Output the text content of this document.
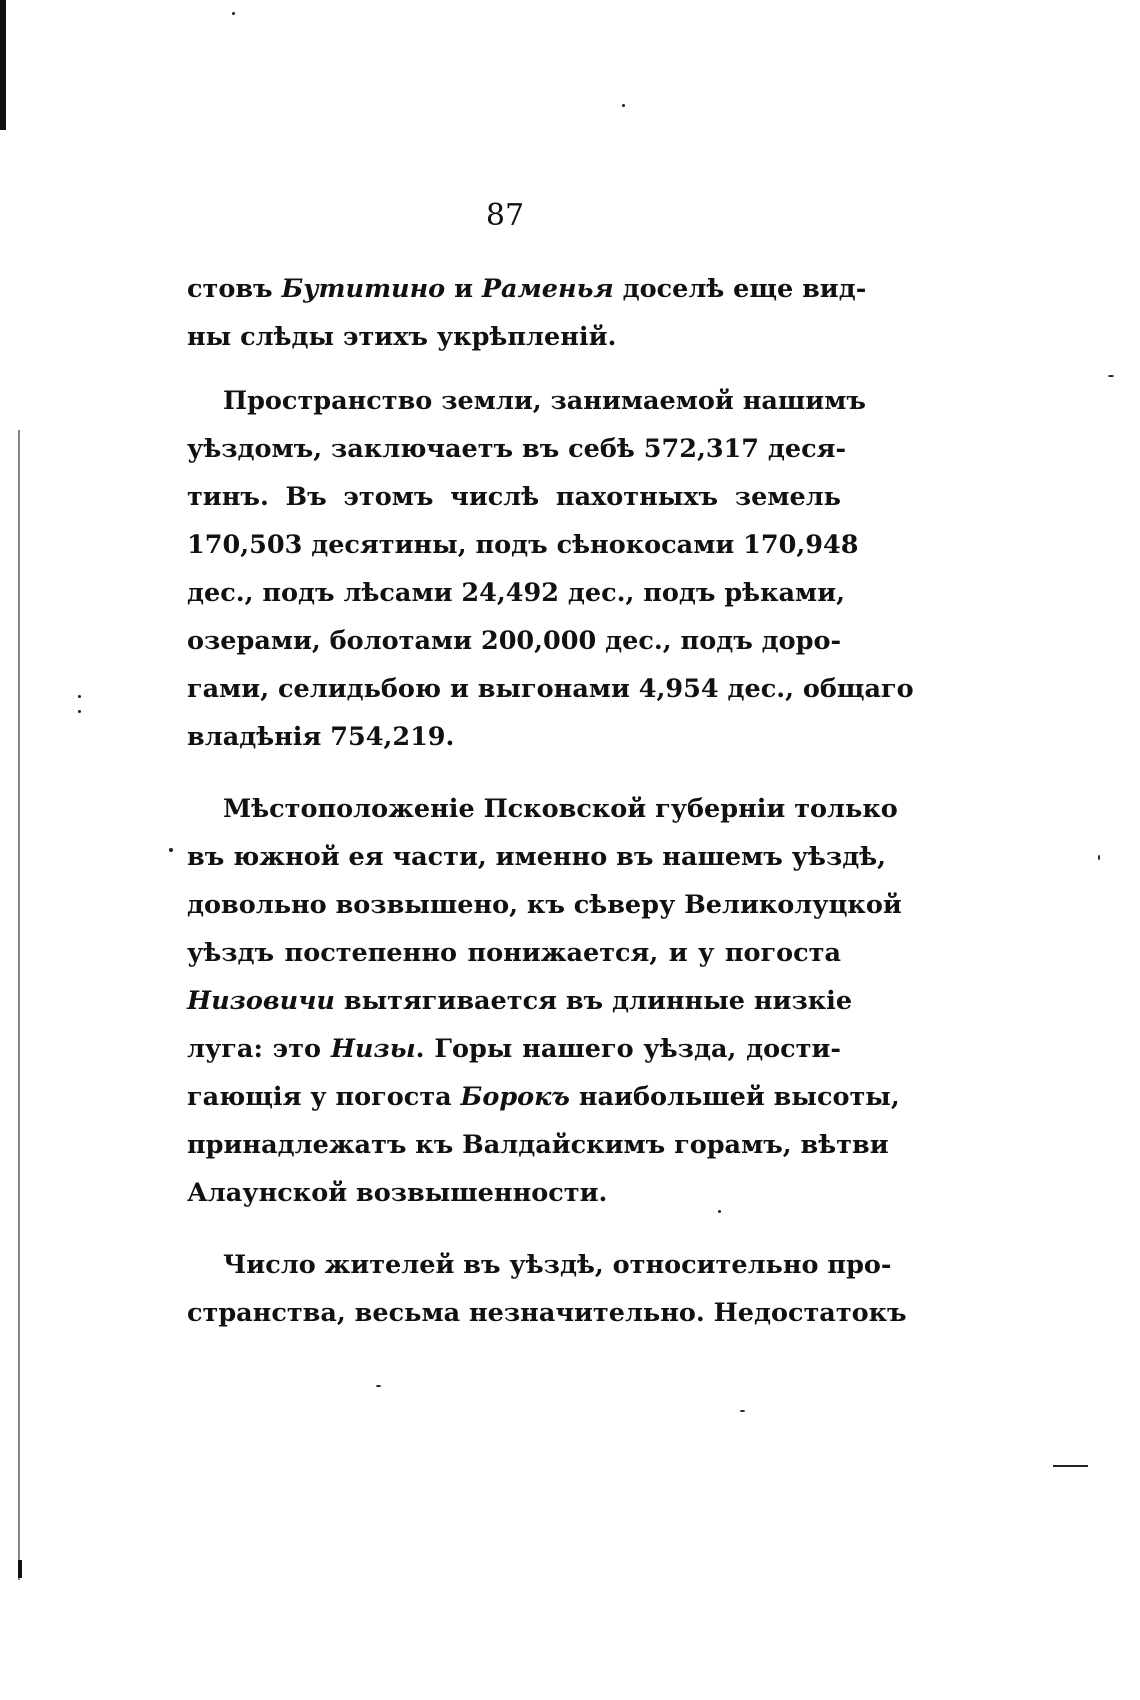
87
стовъ Бутитино и Раменья доселѣ еще вид-
ны слѣды этихъ укрѣпленій.
Пространство земли, занимаемой нашимъ
уѣздомъ, заключаетъ въ себѣ 572,317 деся-
тинъ. Въ этомъ числѣ пахотныхъ земель
170,503 десятины, подъ сѣнокосами 170,948
дес., подъ лѣсами 24,492 дес., подъ рѣками,
озерами, болотами 200,000 дес., подъ доро-
гами, селидьбою и выгонами 4,954 дес., общаго
владѣнія 754,219.
Мѣстоположеніе Псковской губерніи только
въ южной ея части, именно въ нашемъ уѣздѣ,
довольно возвышено, къ сѣверу Великолуцкой
уѣздъ постепенно понижается, и у погоста
Низовичи вытягивается въ длинные низкіе
луга: это Низы. Горы нашего уѣзда, дости-
гающія у погоста Борокъ наибольшей высоты,
принадлежатъ къ Валдайскимъ горамъ, вѣтви
Алаунской возвышенности.
Число жителей въ уѣздѣ, относительно про-
странства, весьма незначительно. Недостатокъ
